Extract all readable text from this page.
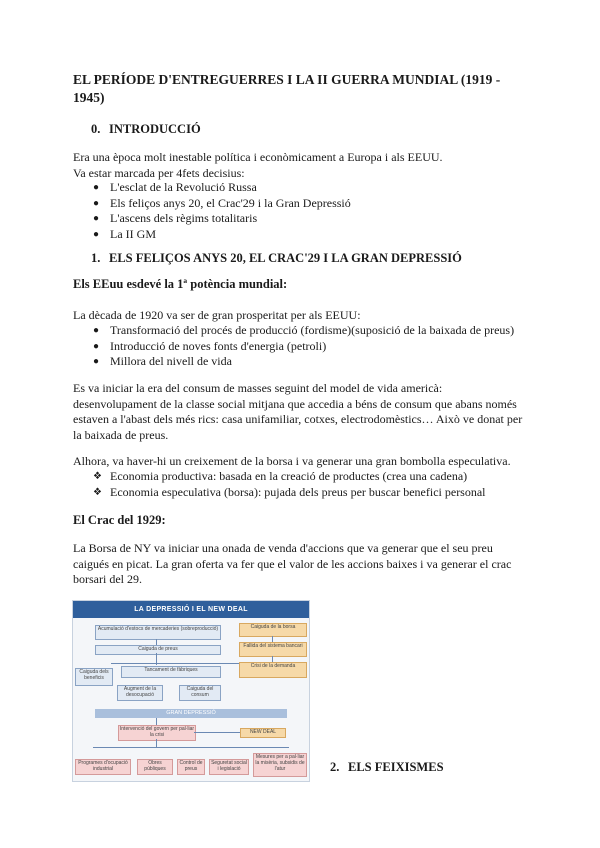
EL PERÍODE D'ENTREGUERRES I LA II GUERRA MUNDIAL (1919 - 1945)
0. INTRODUCCIÓ
Era una època molt inestable política i econòmicament a Europa i als EEUU.
Va estar marcada per 4fets decisius:
● L'esclat de la Revolució Russa
● Els feliços anys 20, el Crac'29 i la Gran Depressió
● L'ascens dels règims totalitaris
● La II GM
1. ELS FELIÇOS ANYS 20, EL CRAC'29 I LA GRAN DEPRESSIÓ
Els EEuu esdevé la 1ª potència mundial:
La dècada de 1920 va ser de gran prosperitat per als EEUU:
● Transformació del procés de producció (fordisme)(suposició de la baixada de preus)
● Introducció de noves fonts d'energia (petroli)
● Millora del nivell de vida
Es va iniciar la era del consum de masses seguint del model de vida americà:
desenvolupament de la classe social mitjana que accedia a béns de consum que abans només
estaven a l'abast dels més rics: casa unifamiliar, cotxes, electrodomèstics… Això ve donat per
la baixada de preus.
Alhora, va haver-hi un creixement de la borsa i va generar una gran bombolla especulativa.
❖ Economia productiva: basada en la creació de productes (crea una cadena)
❖ Economia especulativa (borsa): pujada dels preus per buscar benefici personal
El Crac del 1929:
La Borsa de NY va iniciar una onada de venda d'accions que va generar que el seu preu
caigués en picat. La gran oferta va fer que el valor de les accions baixes i va generar el crac
borsari del 29.
LA DEPRESSIÓ I EL NEW DEAL
Acumulació d'estocs de mercaderies (sobreproducció)
Caiguda de preus
Caiguda de la borsa
Fallida del sistema bancari
Crisi de la demanda
Caiguda dels beneficis
Tancament de fàbriques
Augment de la desocupació
Caiguda del consum
GRAN DEPRESSIÓ
Intervenció del govern per pal·liar la crisi	NEW DEAL
Programes d'ocupació industrial
Obres públiques
Control de preus
Seguretat social i legislació
Mesures per a pal·liar la misèria, subsidis de l'atur	2. ELS FEIXISMES
